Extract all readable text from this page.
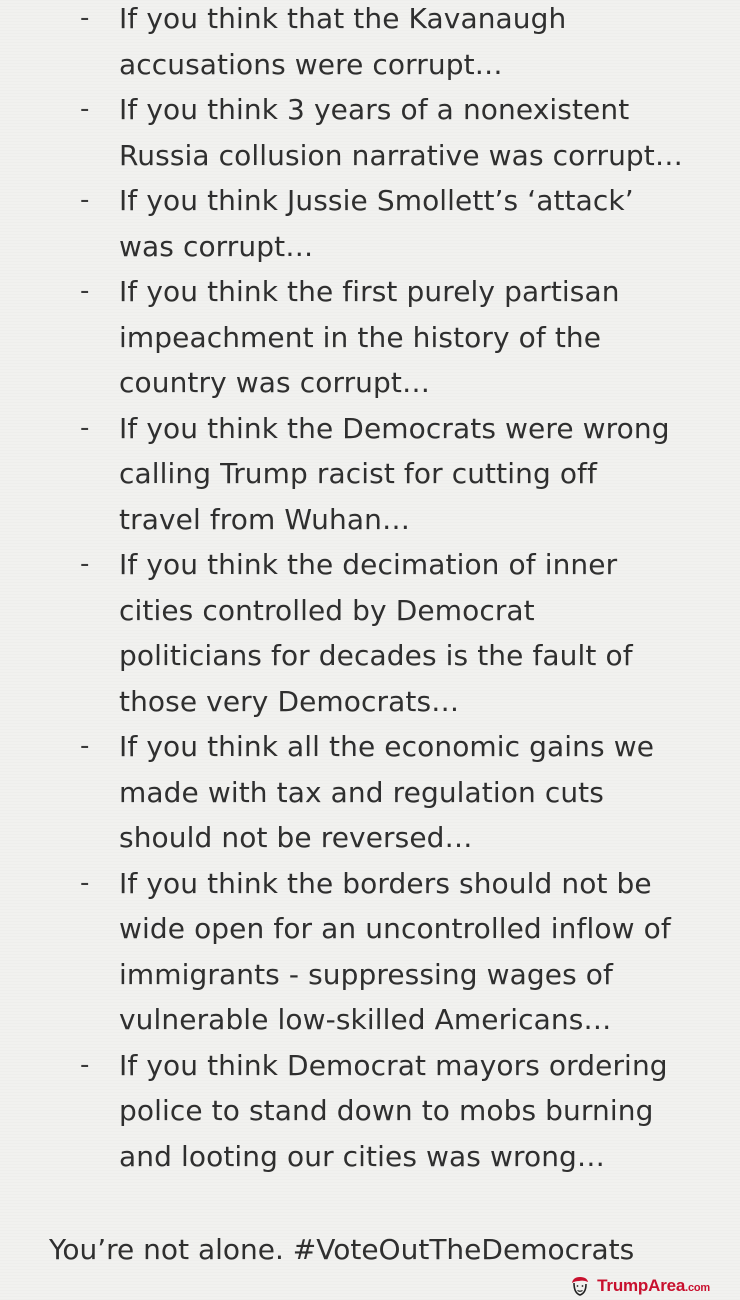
- If you think that the Kavanaugh
accusations were corrupt…
- If you think 3 years of a nonexistent
Russia collusion narrative was corrupt…
- If you think Jussie Smollett’s ‘attack’
was corrupt…
- If you think the first purely partisan
impeachment in the history of the
country was corrupt…
- If you think the Democrats were wrong
calling Trump racist for cutting off
travel from Wuhan…
- If you think the decimation of inner
cities controlled by Democrat
politicians for decades is the fault of
those very Democrats…
- If you think all the economic gains we
made with tax and regulation cuts
should not be reversed…
- If you think the borders should not be
wide open for an uncontrolled inflow of
immigrants - suppressing wages of
vulnerable low-skilled Americans…
- If you think Democrat mayors ordering
police to stand down to mobs burning
and looting our cities was wrong…
You’re not alone. #VoteOutTheDemocrats
TrumpArea.com
